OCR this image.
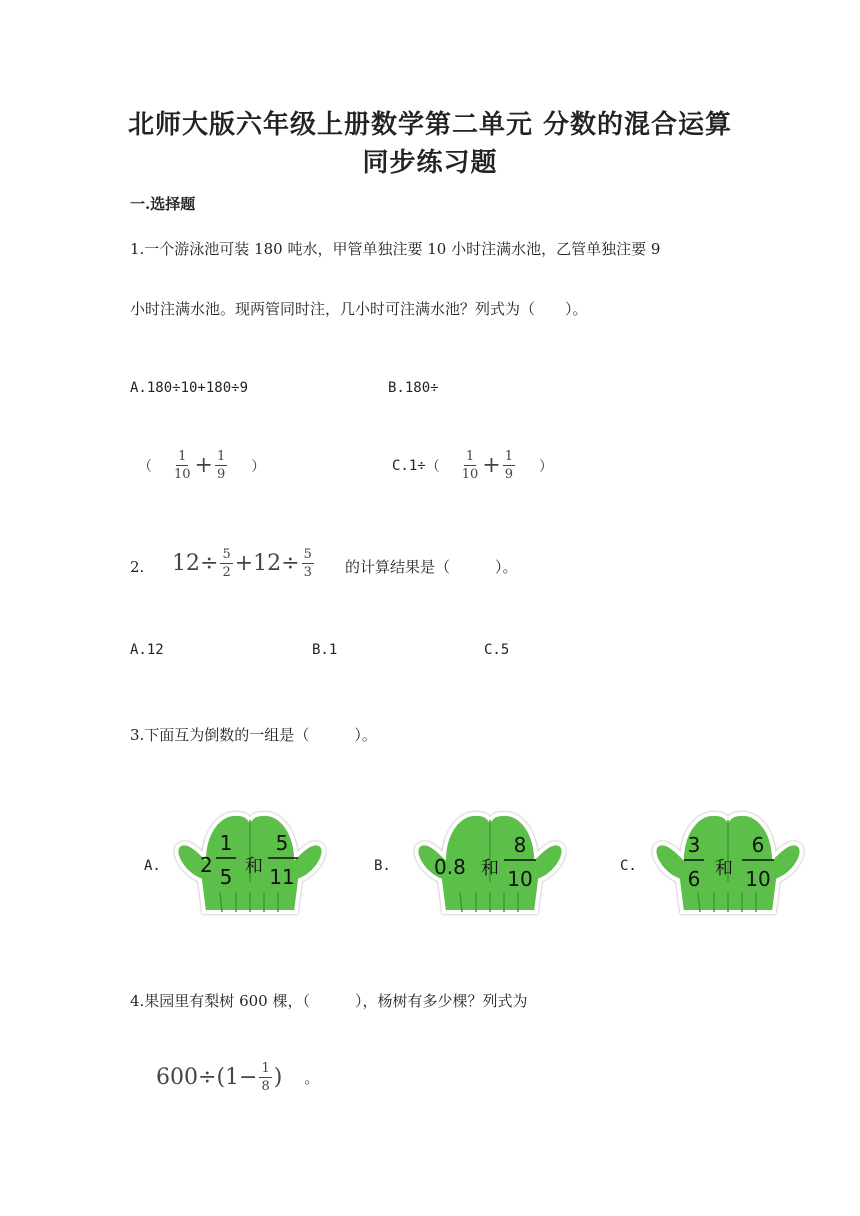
北师大版六年级上册数学第二单元 分数的混合运算
同步练习题
一.选择题
1.一个游泳池可装 180 吨水，甲管单独注要 10 小时注满水池，乙管单独注要 9
小时注满水池。现两管同时注，几小时可注满水池？列式为（　　）。
A.180÷10+180÷9	B.180÷
（ $\frac{1}{10} + \frac{1}{9}$ ）	C.1÷ （ $\frac{1}{10} + \frac{1}{9}$ ）
2. $12 \div \frac{5}{2} + 12 \div \frac{5}{3}$ 的计算结果是（　　　）。
A.12	B.1	C.5
3.下面互为倒数的一组是（　　　）。
A.	B.	C.
2
1
5 和
5
11	0.8 和
8
10
3
6 和
6
10
4.果园里有梨树 600 棵，（　　　），杨树有多少棵？列式为
600 ÷ ( $1 - \frac{1}{8}$ ) 。
